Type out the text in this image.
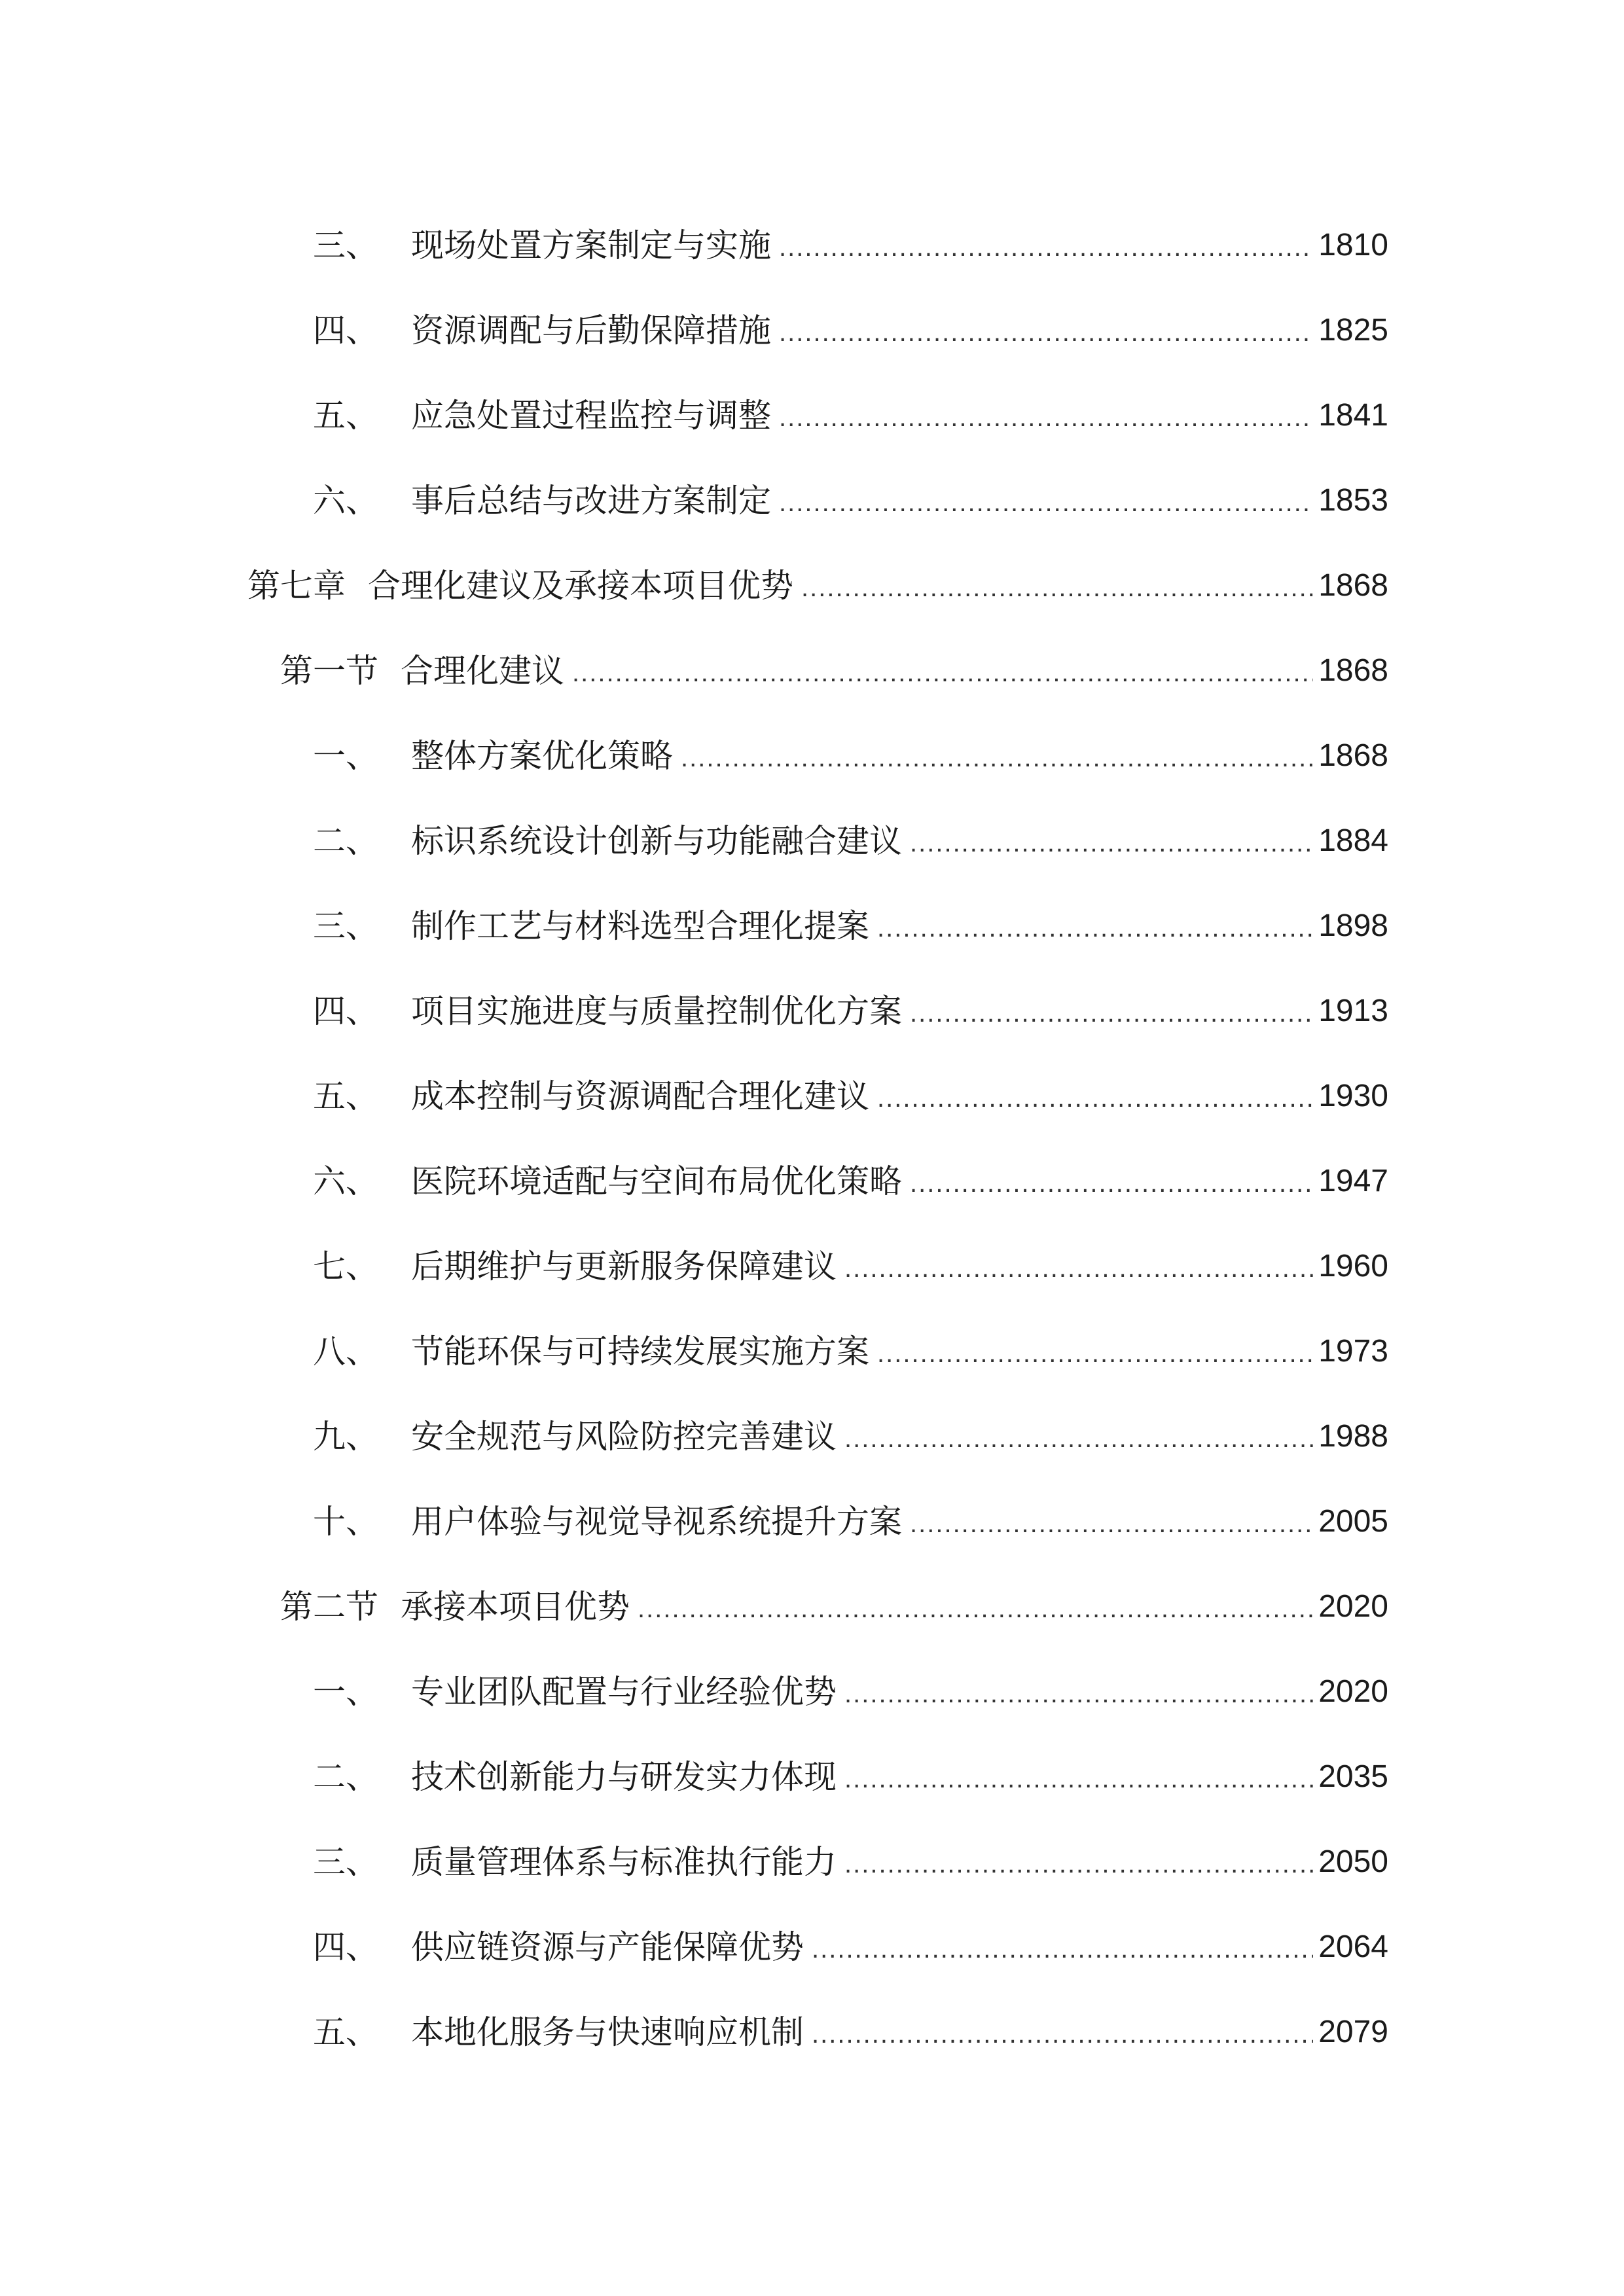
三、	现场处置方案制定与实施 .....	1810
四、	资源调配与后勤保障措施 .....	1825
五、	应急处置过程监控与调整 .....	1841
六、	事后总结与改进方案制定 .....	1853
第七章 合理化建议及承接本项目优势 .....	1868
第一节 合理化建议 .....	1868
一、	整体方案优化策略 .....	1868
二、	标识系统设计创新与功能融合建议 .....	1884
三、	制作工艺与材料选型合理化提案 .....	1898
四、	项目实施进度与质量控制优化方案 .....	1913
五、	成本控制与资源调配合理化建议 .....	1930
六、	医院环境适配与空间布局优化策略 .....	1947
七、	后期维护与更新服务保障建议 .....	1960
八、	节能环保与可持续发展实施方案 .....	1973
九、	安全规范与风险防控完善建议 .....	1988
十、	用户体验与视觉导视系统提升方案 .....	2005
第二节 承接本项目优势 .....	2020
一、	专业团队配置与行业经验优势 .....	2020
二、	技术创新能力与研发实力体现 .....	2035
三、	质量管理体系与标准执行能力 .....	2050
四、	供应链资源与产能保障优势 .....	2064
五、	本地化服务与快速响应机制 .....	2079
